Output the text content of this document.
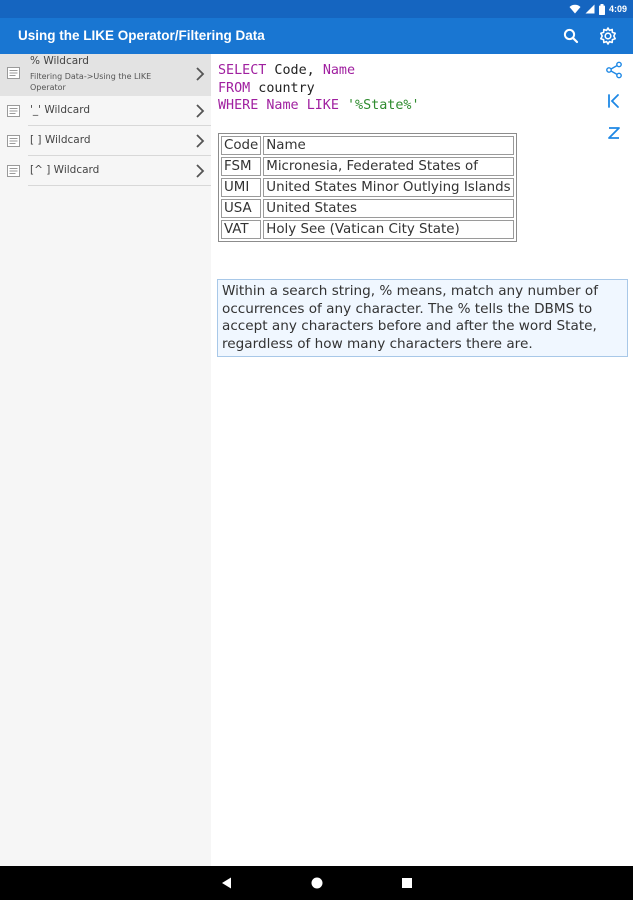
4:09
Using the LIKE Operator/Filtering Data
% Wildcard
Filtering Data->Using the LIKE Operator
'_' Wildcard
[ ] Wildcard
[^ ] Wildcard
SELECT Code, Name
FROM country
WHERE Name LIKE '%State%'
Code	Name
FSM	Micronesia, Federated States of
UMI	United States Minor Outlying Islands
USA	United States
VAT	Holy See (Vatican City State)
Within a search string, % means, match any number of occurrences of any character. The % tells the DBMS to accept any characters before and after the word State, regardless of how many characters there are.
